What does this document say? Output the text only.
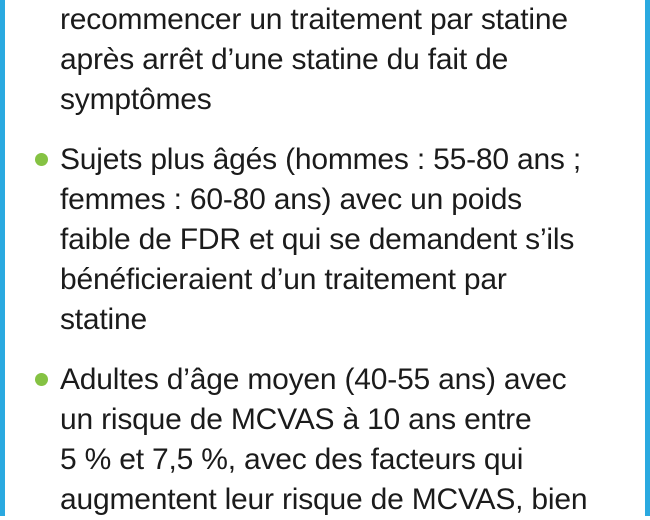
recommencer un traitement par statine
après arrêt d’une statine du fait de
symptômes
Sujets plus âgés (hommes : 55-80 ans ;
femmes : 60-80 ans) avec un poids
faible de FDR et qui se demandent s’ils
bénéficieraient d’un traitement par
statine
Adultes d’âge moyen (40-55 ans) avec
un risque de MCVAS à 10 ans entre
5 % et 7,5 %, avec des facteurs qui
augmentent leur risque de MCVAS, bien
